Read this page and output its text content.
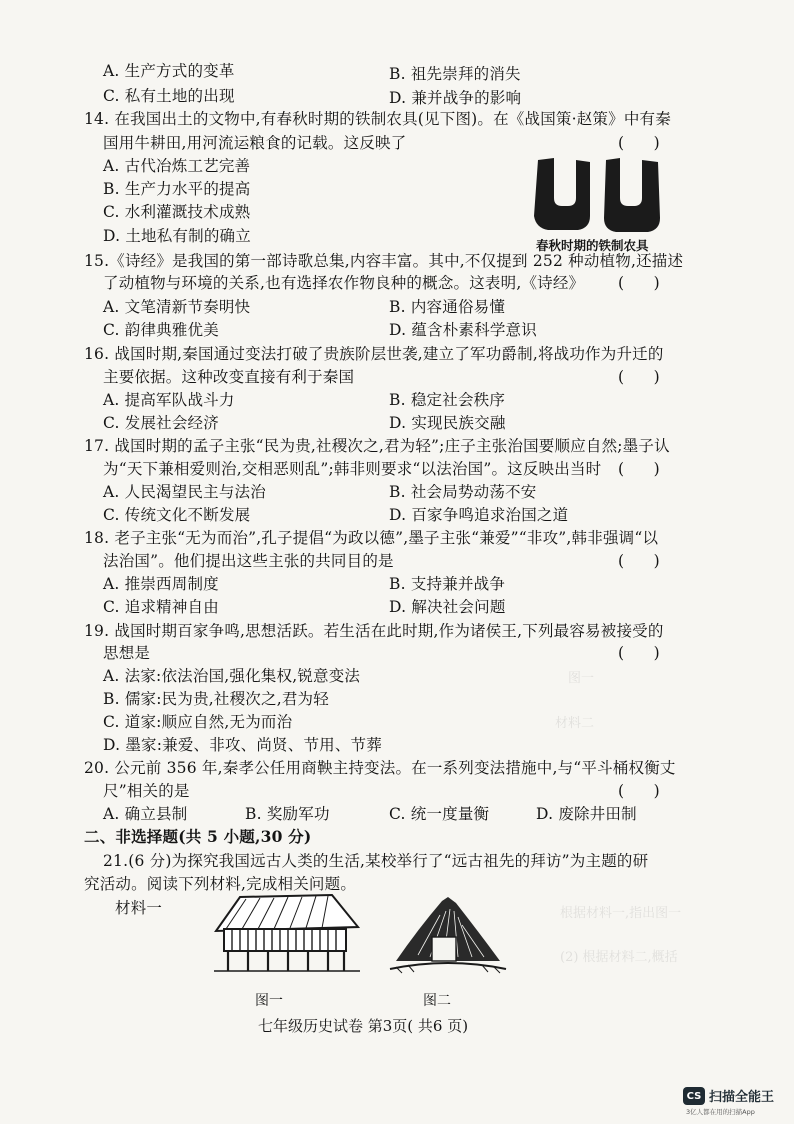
材料二
图一
根据材料一,指出图一
(2) 根据材料二,概括
A. 生产方式的变革	B. 祖先崇拜的消失
C. 私有土地的出现	D. 兼并战争的影响
14. 在我国出土的文物中,有春秋时期的铁制农具(见下图)。在《战国策·赵策》中有秦
国用牛耕田,用河流运粮食的记载。这反映了	(      )
A. 古代冶炼工艺完善
B. 生产力水平的提高
C. 水利灌溉技术成熟
D. 土地私有制的确立
春秋时期的铁制农具
15.《诗经》是我国的第一部诗歌总集,内容丰富。其中,不仅提到 252 种动植物,还描述
了动植物与环境的关系,也有选择农作物良种的概念。这表明,《诗经》 (      )
A. 文笔清新节奏明快	B. 内容通俗易懂
C. 韵律典雅优美	D. 蕴含朴素科学意识
16. 战国时期,秦国通过变法打破了贵族阶层世袭,建立了军功爵制,将战功作为升迁的
主要依据。这种改变直接有利于秦国	(      )
A. 提高军队战斗力	B. 稳定社会秩序
C. 发展社会经济	D. 实现民族交融
17. 战国时期的孟子主张“民为贵,社稷次之,君为轻”;庄子主张治国要顺应自然;墨子认
为“天下兼相爱则治,交相恶则乱”;韩非则要求“以法治国”。这反映出当时 (      )
A. 人民渴望民主与法治	B. 社会局势动荡不安
C. 传统文化不断发展	D. 百家争鸣追求治国之道
18. 老子主张“无为而治”,孔子提倡“为政以德”,墨子主张“兼爱”“非攻”,韩非强调“以
法治国”。他们提出这些主张的共同目的是	(      )
A. 推崇西周制度	B. 支持兼并战争
C. 追求精神自由	D. 解决社会问题
19. 战国时期百家争鸣,思想活跃。若生活在此时期,作为诸侯王,下列最容易被接受的
思想是	(      )
A. 法家:依法治国,强化集权,锐意变法
B. 儒家:民为贵,社稷次之,君为轻
C. 道家:顺应自然,无为而治
D. 墨家:兼爱、非攻、尚贤、节用、节葬
20. 公元前 356 年,秦孝公任用商鞅主持变法。在一系列变法措施中,与“平斗桶权衡丈
尺”相关的是	(      )
A. 确立县制	B. 奖励军功	C. 统一度量衡	D. 废除井田制
二、非选择题(共 5 小题,30 分)
21.(6 分)为探究我国远古人类的生活,某校举行了“远古祖先的拜访”为主题的研
究活动。阅读下列材料,完成相关问题。
材料一
图一	图二
七年级历史试卷 第3页( 共6 页)
CS 扫描全能王
3亿人都在用的扫描App
